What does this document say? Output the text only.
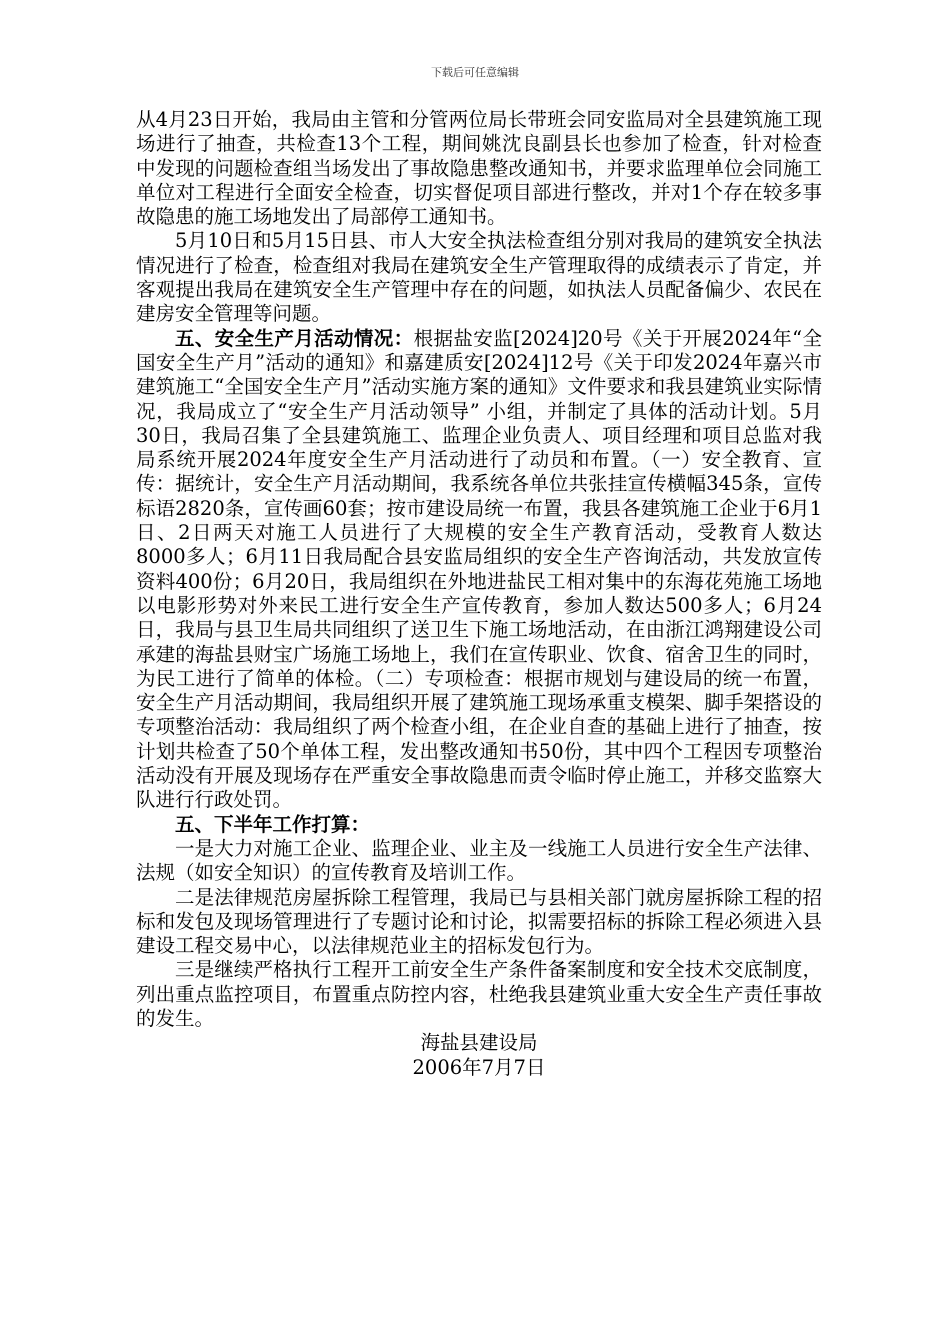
下载后可任意编辑

从4月23日开始，我局由主管和分管两位局长带班会同安监局对全县建筑施工现场进行了抽查，共检查13个工程，期间姚沈良副县长也参加了检查，针对检查中发现的问题检查组当场发出了事故隐患整改通知书，并要求监理单位会同施工单位对工程进行全面安全检查，切实督促项目部进行整改，并对1个存在较多事故隐患的施工场地发出了局部停工通知书。

5月10日和5月15日县、市人大安全执法检查组分别对我局的建筑安全执法情况进行了检查，检查组对我局在建筑安全生产管理取得的成绩表示了肯定，并客观提出我局在建筑安全生产管理中存在的问题，如执法人员配备偏少、农民在建房安全管理等问题。

五、安全生产月活动情况：根据盐安监[2024]20号《关于开展2024年“全国安全生产月”活动的通知》和嘉建质安[2024]12号《关于印发2024年嘉兴市建筑施工“全国安全生产月”活动实施方案的通知》文件要求和我县建筑业实际情况，我局成立了“安全生产月活动领导” 小组，并制定了具体的活动计划。5月30日，我局召集了全县建筑施工、监理企业负责人、项目经理和项目总监对我局系统开展2024年度安全生产月活动进行了动员和布置。（一）安全教育、宣传：据统计，安全生产月活动期间，我系统各单位共张挂宣传横幅345条，宣传标语2820条，宣传画60套；按市建设局统一布置，我县各建筑施工企业于6月1日、2日两天对施工人员进行了大规模的安全生产教育活动，受教育人数达8000多人；6月11日我局配合县安监局组织的安全生产咨询活动，共发放宣传资料400份；6月20日，我局组织在外地进盐民工相对集中的东海花苑施工场地以电影形势对外来民工进行安全生产宣传教育，参加人数达500多人；6月24日，我局与县卫生局共同组织了送卫生下施工场地活动，在由浙江鸿翔建设公司承建的海盐县财宝广场施工场地上，我们在宣传职业、饮食、宿舍卫生的同时，为民工进行了简单的体检。（二）专项检查：根据市规划与建设局的统一布置，安全生产月活动期间，我局组织开展了建筑施工现场承重支模架、脚手架搭设的专项整治活动：我局组织了两个检查小组，在企业自查的基础上进行了抽查，按计划共检查了50个单体工程，发出整改通知书50份，其中四个工程因专项整治活动没有开展及现场存在严重安全事故隐患而责令临时停止施工，并移交监察大队进行行政处罚。

五、下半年工作打算：

一是大力对施工企业、监理企业、业主及一线施工人员进行安全生产法律、法规（如安全知识）的宣传教育及培训工作。

二是法律规范房屋拆除工程管理，我局已与县相关部门就房屋拆除工程的招标和发包及现场管理进行了专题讨论和讨论，拟需要招标的拆除工程必须进入县建设工程交易中心，以法律规范业主的招标发包行为。

三是继续严格执行工程开工前安全生产条件备案制度和安全技术交底制度，列出重点监控项目，布置重点防控内容，杜绝我县建筑业重大安全生产责任事故的发生。

海盐县建设局

2006年7月7日
